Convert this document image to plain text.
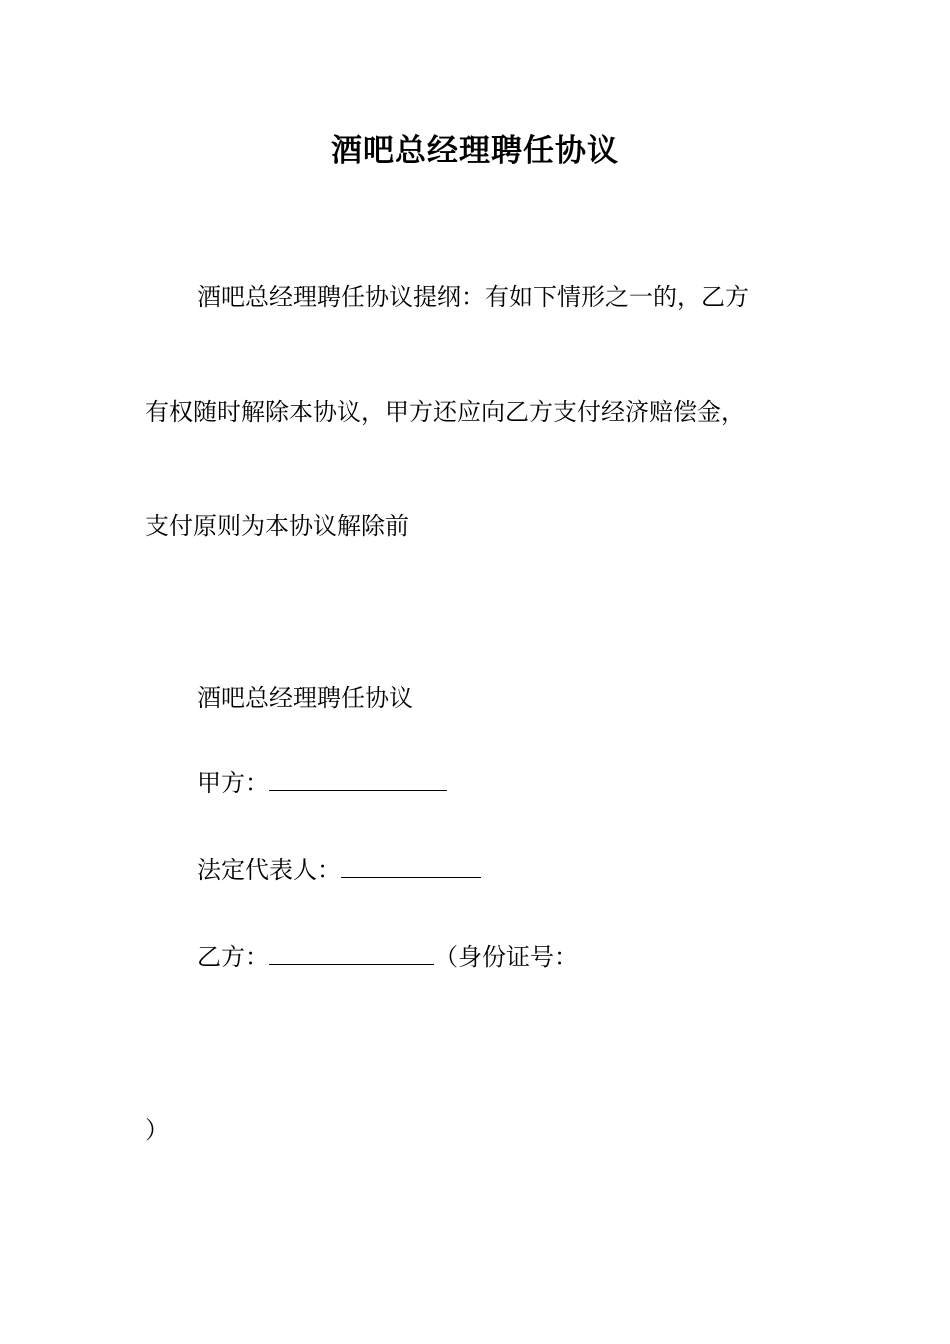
酒吧总经理聘任协议
酒吧总经理聘任协议提纲：有如下情形之一的，乙方
有权随时解除本协议，甲方还应向乙方支付经济赔偿金，
支付原则为本协议解除前
酒吧总经理聘任协议
甲方：
法定代表人：
乙方：	（身份证号：
）
